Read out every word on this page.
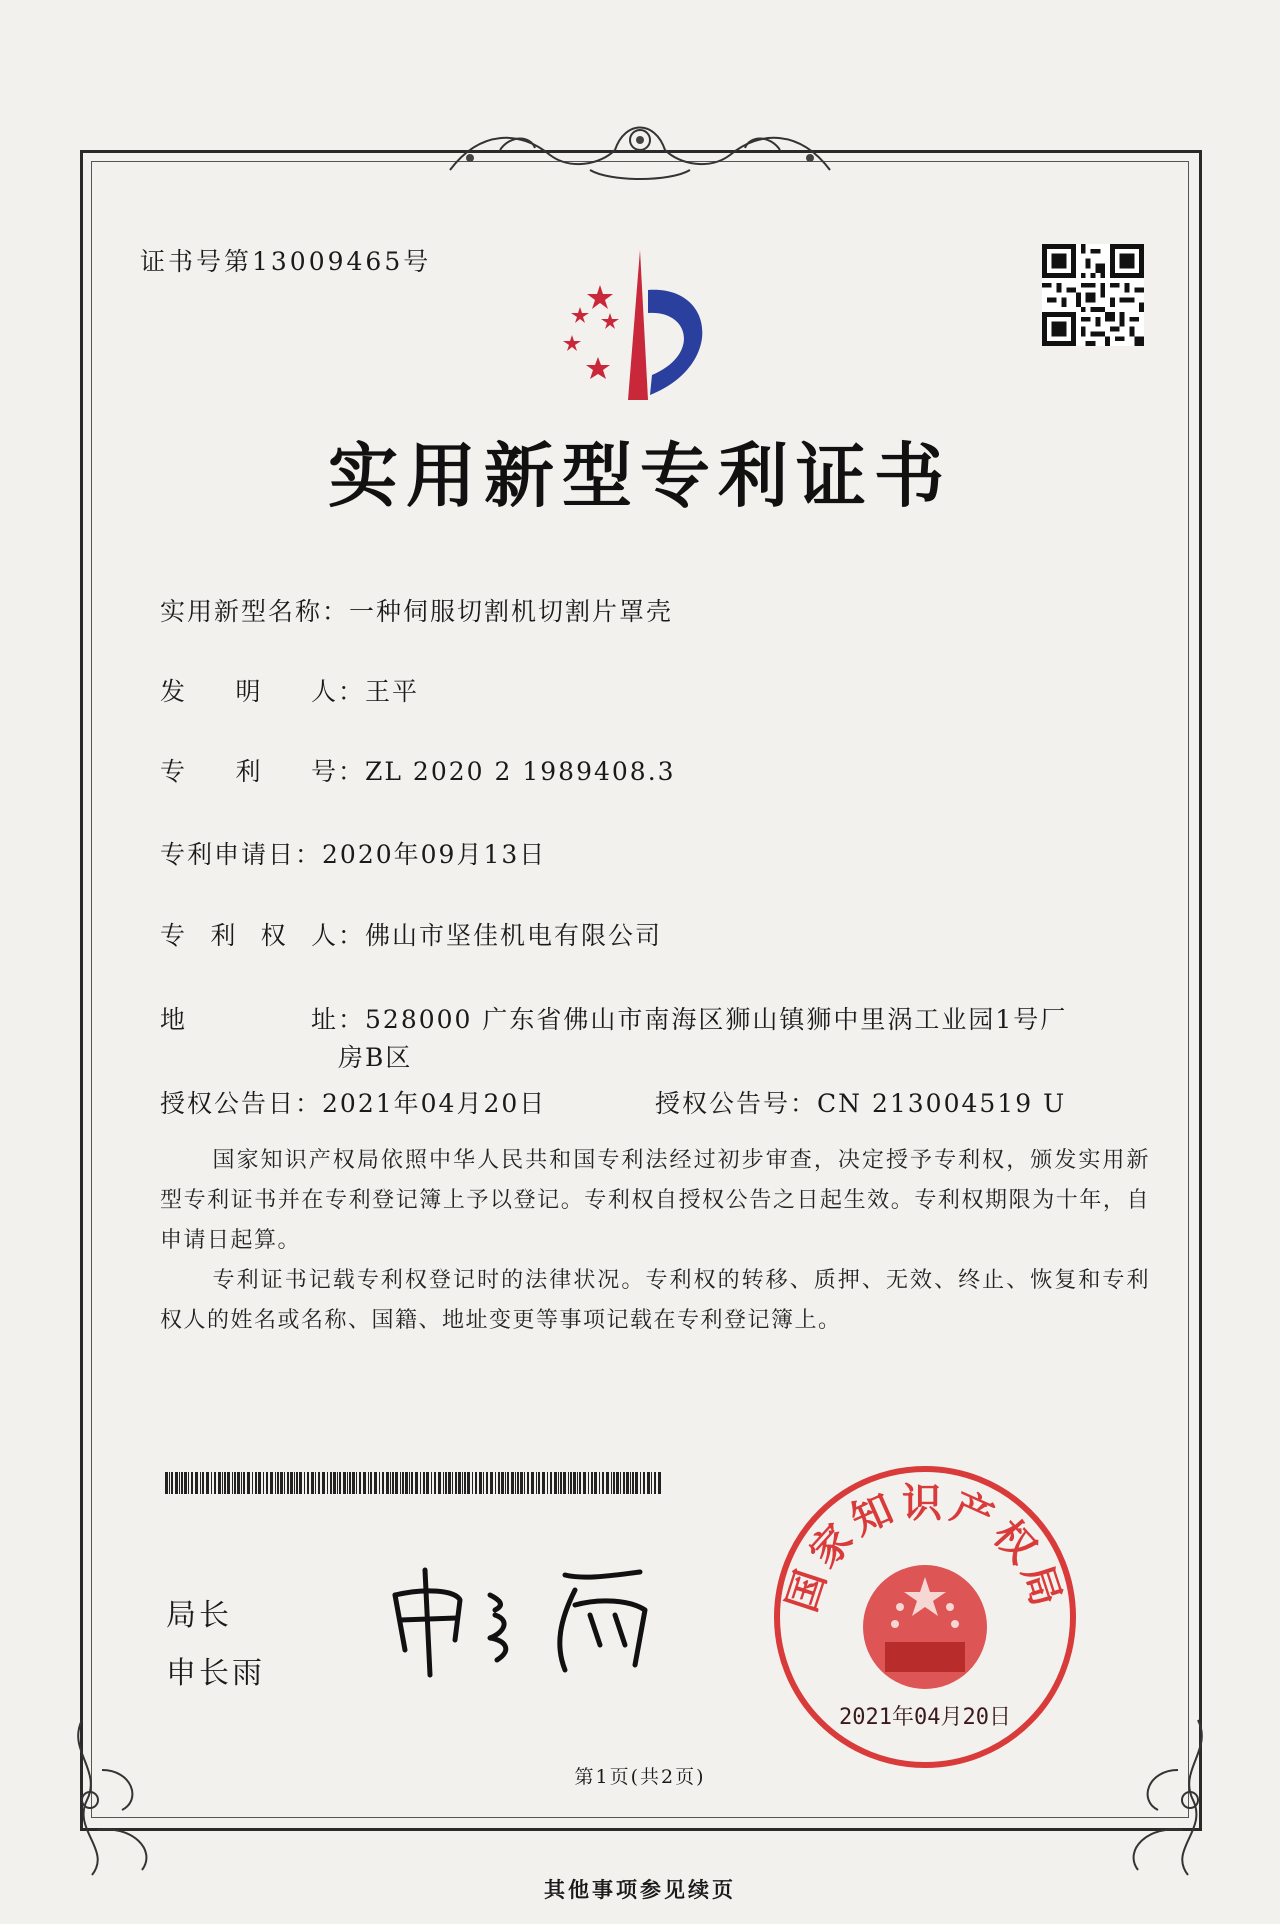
证书号第13009465号
实用新型专利证书
实用新型名称：一种伺服切割机切割片罩壳
发 明 人 ：王平
专 利 号 ：ZL 2020 2 1989408.3
专利申请日：2020年09月13日
专 利 权 人 ：佛山市坚佳机电有限公司
地	址 ：528000 广东省佛山市南海区狮山镇狮中里涡工业园1号厂
房B区
授权公告日：2021年04月20日	授权公告号：CN 213004519 U
国家知识产权局依照中华人民共和国专利法经过初步审查，决定授予专利权，颁发实用新型专利证书并在专利登记簿上予以登记。专利权自授权公告之日起生效。专利权期限为十年，自申请日起算。
专利证书记载专利权登记时的法律状况。专利权的转移、质押、无效、终止、恢复和专利权人的姓名或名称、国籍、地址变更等事项记载在专利登记簿上。
局长
申长雨
国家知识产权局
2021年04月20日
第1页(共2页)
其他事项参见续页
